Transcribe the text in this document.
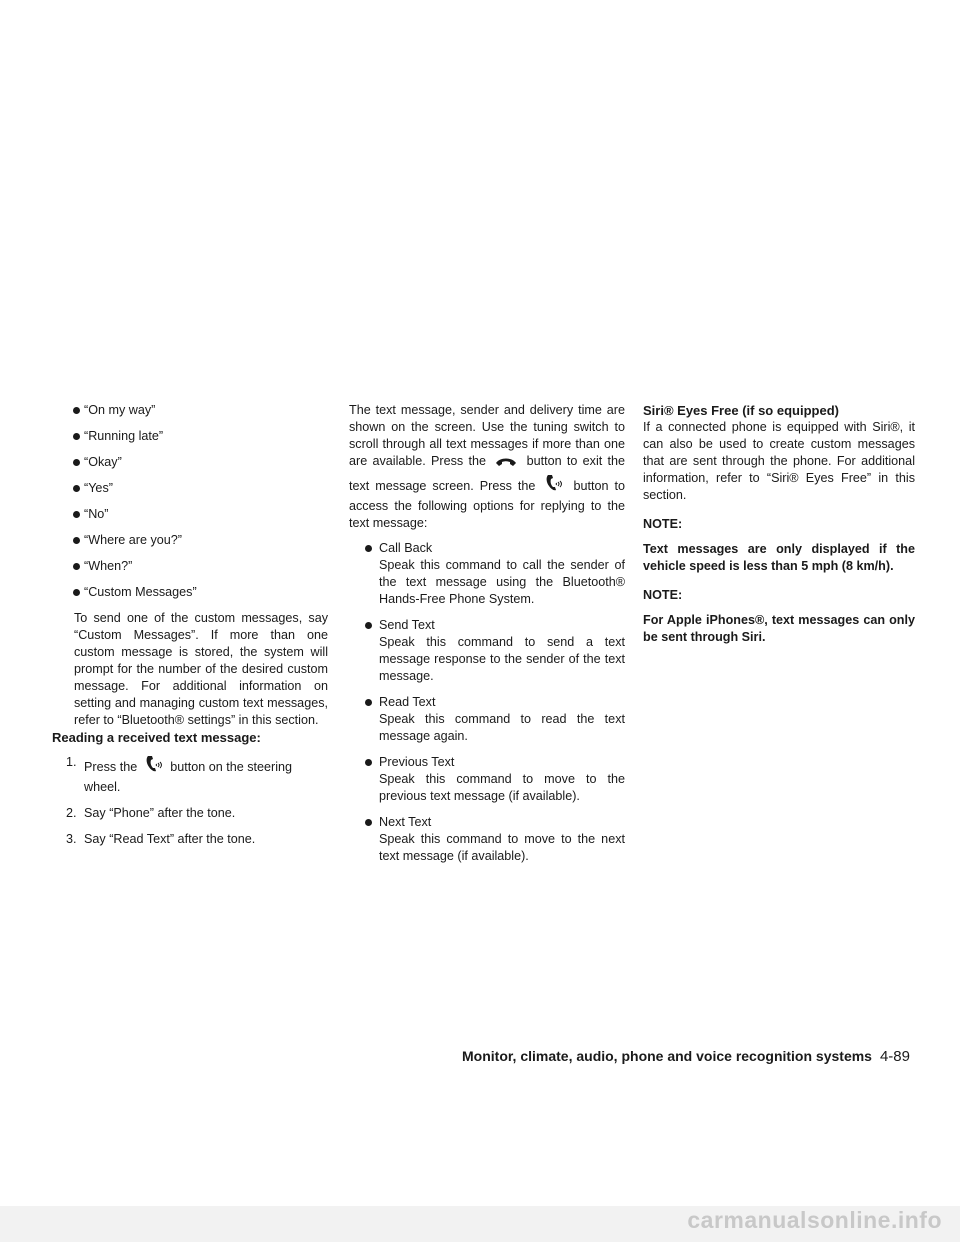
“On my way”
“Running late”
“Okay”
“Yes”
“No”
“Where are you?”
“When?”
“Custom Messages”

To send one of the custom messages, say “Custom Messages”. If more than one custom message is stored, the system will prompt for the number of the desired custom message. For additional information on setting and managing custom text messages, refer to “Bluetooth® settings” in this section.

Reading a received text message:
1. Press the	button on the steering wheel.
2. Say “Phone” after the tone.
3. Say “Read Text” after the tone.

The text message, sender and delivery time are shown on the screen. Use the tuning switch to scroll through all text messages if more than one are available. Press the	button to exit the text message screen. Press the	button to access the following options for replying to the text message:

Call Back
Speak this command to call the sender of the text message using the Bluetooth® Hands-Free Phone System.
Send Text
Speak this command to send a text message response to the sender of the text message.
Read Text
Speak this command to read the text message again.
Previous Text
Speak this command to move to the previous text message (if available).
Next Text
Speak this command to move to the next text message (if available).
Siri® Eyes Free (if so equipped)

If a connected phone is equipped with Siri®, it can also be used to create custom messages that are sent through the phone. For additional information, refer to “Siri® Eyes Free” in this section.

NOTE:

Text messages are only displayed if the vehicle speed is less than 5 mph (8 km/h).

NOTE:

For Apple iPhones®, text messages can only be sent through Siri.

Monitor, climate, audio, phone and voice recognition systems 4-89
carmanualsonline.info
